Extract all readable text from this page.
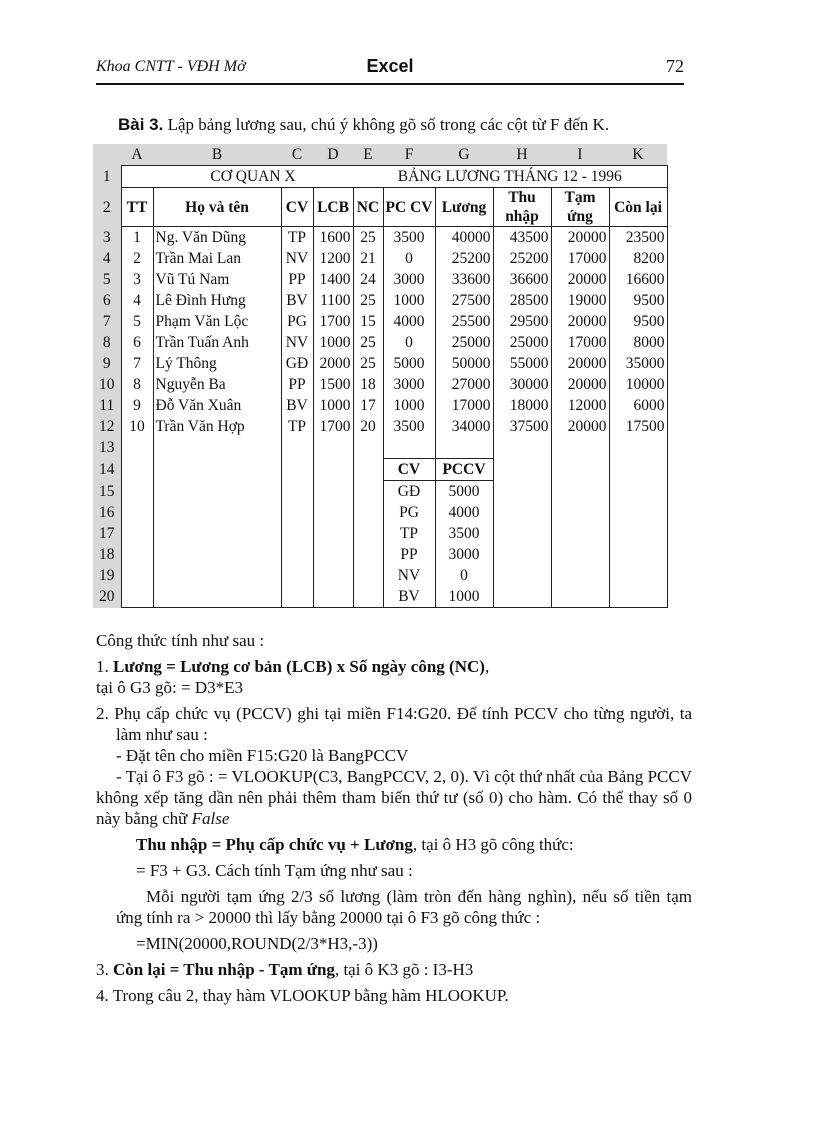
Khoa CNTT - VĐH Mở	Excel	72
Bài 3. Lập bảng lương sau, chú ý không gõ số trong các cột từ F đến K.
	A	B	C	D	E	F	G	H	I	K
1		CƠ QUAN X			BẢNG LƯƠNG THÁNG 12 - 1996					
2	TT	Họ và tên	CV	LCB	NC	PC CV	Lương	Thu nhập	Tạm ứng	Còn lại
3	1	Ng. Văn Dũng	TP	1600	25	3500	40000	43500	20000	23500
4	2	Trần Mai Lan	NV	1200	21	0	25200	25200	17000	8200
5	3	Vũ Tú Nam	PP	1400	24	3000	33600	36600	20000	16600
6	4	Lê Đình Hưng	BV	1100	25	1000	27500	28500	19000	9500
7	5	Phạm Văn Lộc	PG	1700	15	4000	25500	29500	20000	9500
8	6	Trần Tuấn Anh	NV	1000	25	0	25000	25000	17000	8000
9	7	Lý Thông	GĐ	2000	25	5000	50000	55000	20000	35000
10	8	Nguyễn Ba	PP	1500	18	3000	27000	30000	20000	10000
11	9	Đỗ Văn Xuân	BV	1000	17	1000	17000	18000	12000	6000
12	10	Trần Văn Hợp	TP	1700	20	3500	34000	37500	20000	17500
13										
14						CV	PCCV			
15						GĐ	5000			
16						PG	4000			
17						TP	3500			
18						PP	3000			
19						NV	0			
20						BV	1000			

Công thức tính như sau :

1. Lương = Lương cơ bản (LCB) x Số ngày công (NC),

tại ô G3 gõ: = D3*E3

2. Phụ cấp chức vụ (PCCV) ghi tại miền F14:G20. Để tính PCCV cho từng người, ta làm như sau :

- Đặt tên cho miền F15:G20 là BangPCCV

- Tại ô F3 gõ : = VLOOKUP(C3, BangPCCV, 2, 0). Vì cột thứ nhất của Bảng PCCV không xếp tăng dần nên phải thêm tham biến thứ tư (số 0) cho hàm. Có thể thay số 0 này bằng chữ False

Thu nhập = Phụ cấp chức vụ + Lương, tại ô H3 gõ công thức:

= F3 + G3. Cách tính Tạm ứng như sau :

Mỗi người tạm ứng 2/3 số lương (làm tròn đến hàng nghìn), nếu số tiền tạm ứng tính ra > 20000 thì lấy bằng 20000 tại ô F3 gõ công thức :

=MIN(20000,ROUND(2/3*H3,-3))

3. Còn lại = Thu nhập - Tạm ứng, tại ô K3 gõ : I3-H3

4. Trong câu 2, thay hàm VLOOKUP bằng hàm HLOOKUP.
